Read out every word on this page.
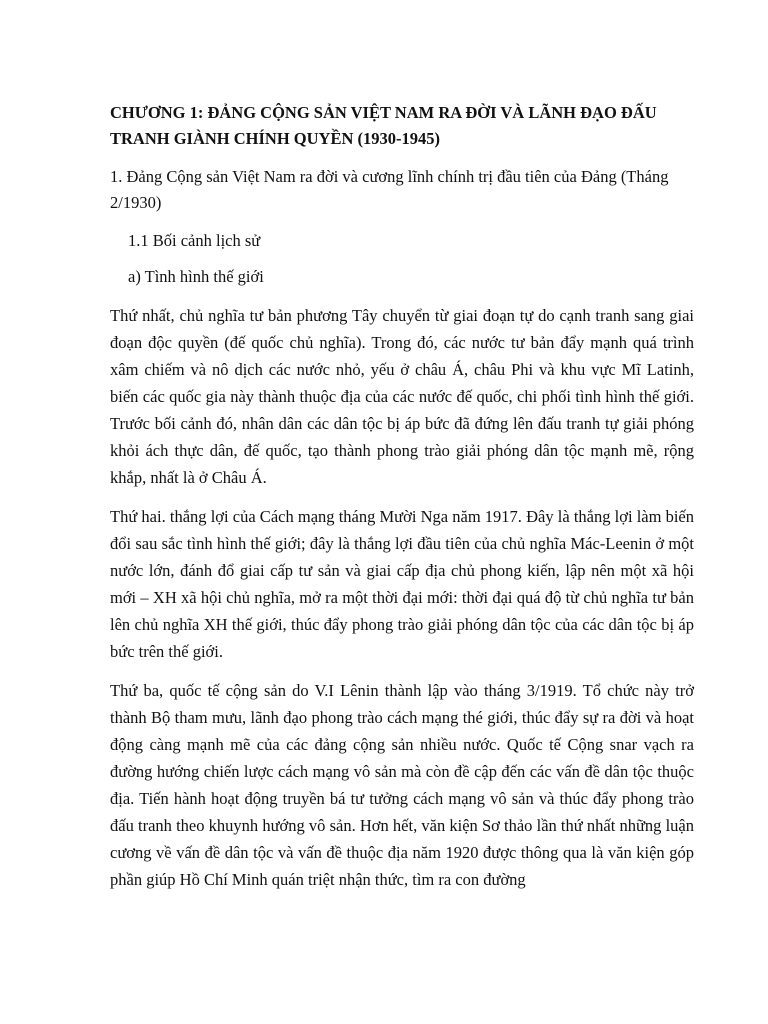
CHƯƠNG 1: ĐẢNG CỘNG SẢN VIỆT NAM RA ĐỜI VÀ LÃNH ĐẠO ĐẤU TRANH GIÀNH CHÍNH QUYỀN (1930-1945)

1. Đảng Cộng sản Việt Nam ra đời và cương lĩnh chính trị đầu tiên của Đảng (Tháng 2/1930)

1.1 Bối cảnh lịch sử

a) Tình hình thế giới

Thứ nhất, chủ nghĩa tư bản phương Tây chuyển từ giai đoạn tự do cạnh tranh sang giai đoạn độc quyền (đế quốc chủ nghĩa). Trong đó, các nước tư bản đẩy mạnh quá trình xâm chiếm và nô dịch các nước nhỏ, yếu ở châu Á, châu Phi và khu vực Mĩ Latinh, biến các quốc gia này thành thuộc địa của các nước đế quốc, chi phối tình hình thế giới. Trước bối cảnh đó, nhân dân các dân tộc bị áp bức đã đứng lên đấu tranh tự giải phóng khỏi ách thực dân, đế quốc, tạo thành phong trào giải phóng dân tộc mạnh mẽ, rộng khắp, nhất là ở Châu Á.

Thứ hai. thắng lợi của Cách mạng tháng Mười Nga năm 1917. Đây là thắng lợi làm biến đổi sau sắc tình hình thế giới; đây là thắng lợi đầu tiên của chủ nghĩa Mác-Leenin ở một nước lớn, đánh đổ giai cấp tư sản và giai cấp địa chủ phong kiến, lập nên một xã hội mới – XH xã hội chủ nghĩa, mở ra một thời đại mới: thời đại quá độ từ chủ nghĩa tư bản lên chủ nghĩa XH thế giới, thúc đẩy phong trào giải phóng dân tộc của các dân tộc bị áp bức trên thế giới.

Thứ ba, quốc tế cộng sản do V.I Lênin thành lập vào tháng 3/1919. Tổ chức này trở thành Bộ tham mưu, lãnh đạo phong trào cách mạng thé giới, thúc đẩy sự ra đời và hoạt động càng mạnh mẽ của các đảng cộng sản nhiều nước. Quốc tế Cộng snar vạch ra đường hướng chiến lược cách mạng vô sản mà còn đề cập đến các vấn đề dân tộc thuộc địa. Tiến hành hoạt động truyền bá tư tưởng cách mạng vô sản và thúc đẩy phong trào đấu tranh theo khuynh hướng vô sản. Hơn hết, văn kiện Sơ thảo lần thứ nhất những luận cương về vấn đề dân tộc và vấn đề thuộc địa năm 1920 được thông qua là văn kiện góp phần giúp Hồ Chí Minh quán triệt nhận thức, tìm ra con đường
